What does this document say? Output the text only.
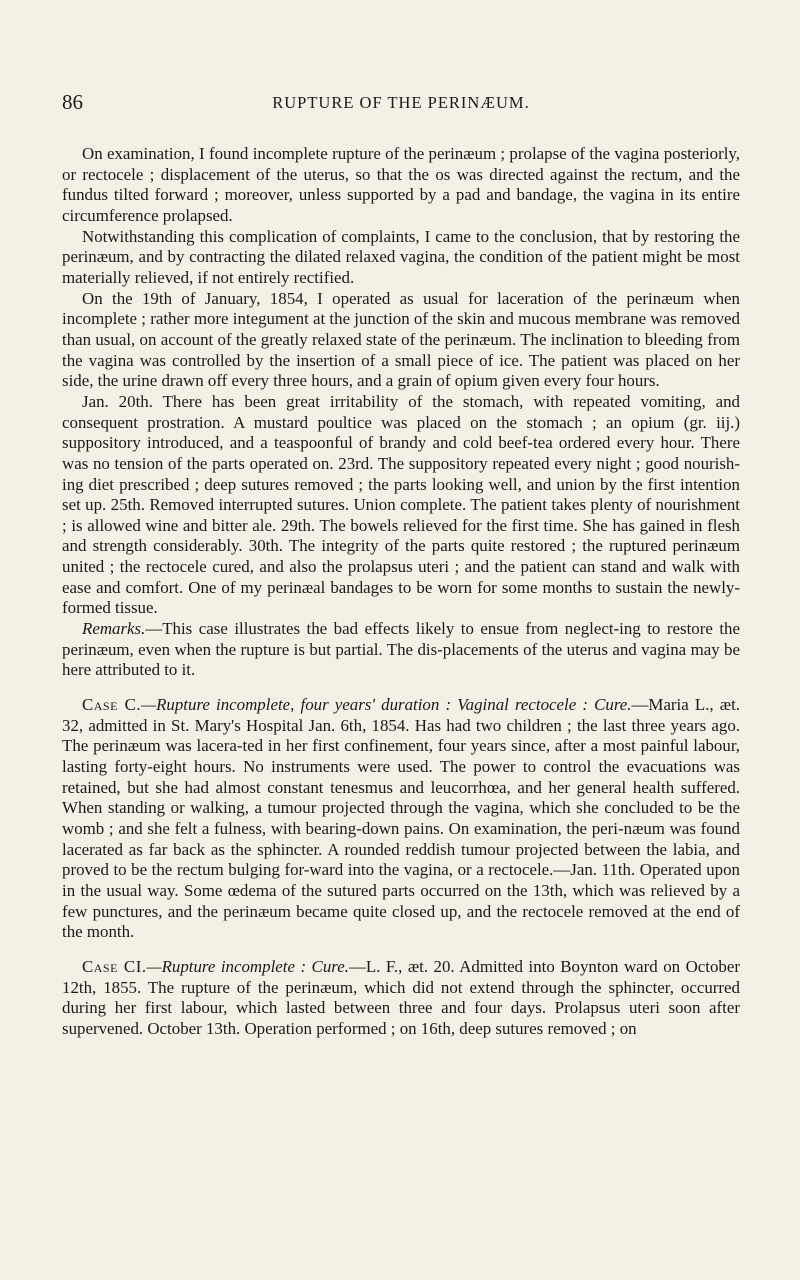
86	RUPTURE OF THE PERINÆUM.

On examination, I found incomplete rupture of the perinæum ; prolapse of the vagina posteriorly, or rectocele ; displacement of the uterus, so that the os was directed against the rectum, and the fundus tilted forward ; moreover, unless supported by a pad and bandage, the vagina in its entire circumference prolapsed.

Notwithstanding this complication of complaints, I came to the conclusion, that by restoring the perinæum, and by contracting the dilated relaxed vagina, the condition of the patient might be most materially relieved, if not entirely rectified.

On the 19th of January, 1854, I operated as usual for laceration of the perinæum when incomplete ; rather more integument at the junction of the skin and mucous membrane was removed than usual, on account of the greatly relaxed state of the perinæum. The inclination to bleeding from the vagina was controlled by the insertion of a small piece of ice. The patient was placed on her side, the urine drawn off every three hours, and a grain of opium given every four hours.

Jan. 20th. There has been great irritability of the stomach, with repeated vomiting, and consequent prostration. A mustard poultice was placed on the stomach ; an opium (gr. iij.) suppository introduced, and a teaspoonful of brandy and cold beef-tea ordered every hour. There was no tension of the parts operated on. 23rd. The suppository repeated every night ; good nourish-ing diet prescribed ; deep sutures removed ; the parts looking well, and union by the first intention set up. 25th. Removed interrupted sutures. Union complete. The patient takes plenty of nourishment ; is allowed wine and bitter ale. 29th. The bowels relieved for the first time. She has gained in flesh and strength considerably. 30th. The integrity of the parts quite restored ; the ruptured perinæum united ; the rectocele cured, and also the prolapsus uteri ; and the patient can stand and walk with ease and comfort. One of my perinæal bandages to be worn for some months to sustain the newly-formed tissue.

Remarks.—This case illustrates the bad effects likely to ensue from neglect-ing to restore the perinæum, even when the rupture is but partial. The dis-placements of the uterus and vagina may be here attributed to it.

Case C.—Rupture incomplete, four years' duration : Vaginal rectocele : Cure.—Maria L., æt. 32, admitted in St. Mary's Hospital Jan. 6th, 1854. Has had two children ; the last three years ago. The perinæum was lacera-ted in her first confinement, four years since, after a most painful labour, lasting forty-eight hours. No instruments were used. The power to control the evacuations was retained, but she had almost constant tenesmus and leucorrhœa, and her general health suffered. When standing or walking, a tumour projected through the vagina, which she concluded to be the womb ; and she felt a fulness, with bearing-down pains. On examination, the peri-næum was found lacerated as far back as the sphincter. A rounded reddish tumour projected between the labia, and proved to be the rectum bulging for-ward into the vagina, or a rectocele.—Jan. 11th. Operated upon in the usual way. Some œdema of the sutured parts occurred on the 13th, which was relieved by a few punctures, and the perinæum became quite closed up, and the rectocele removed at the end of the month.

Case CI.—Rupture incomplete : Cure.—L. F., æt. 20. Admitted into Boynton ward on October 12th, 1855. The rupture of the perinæum, which did not extend through the sphincter, occurred during her first labour, which lasted between three and four days. Prolapsus uteri soon after supervened. October 13th. Operation performed ; on 16th, deep sutures removed ; on
